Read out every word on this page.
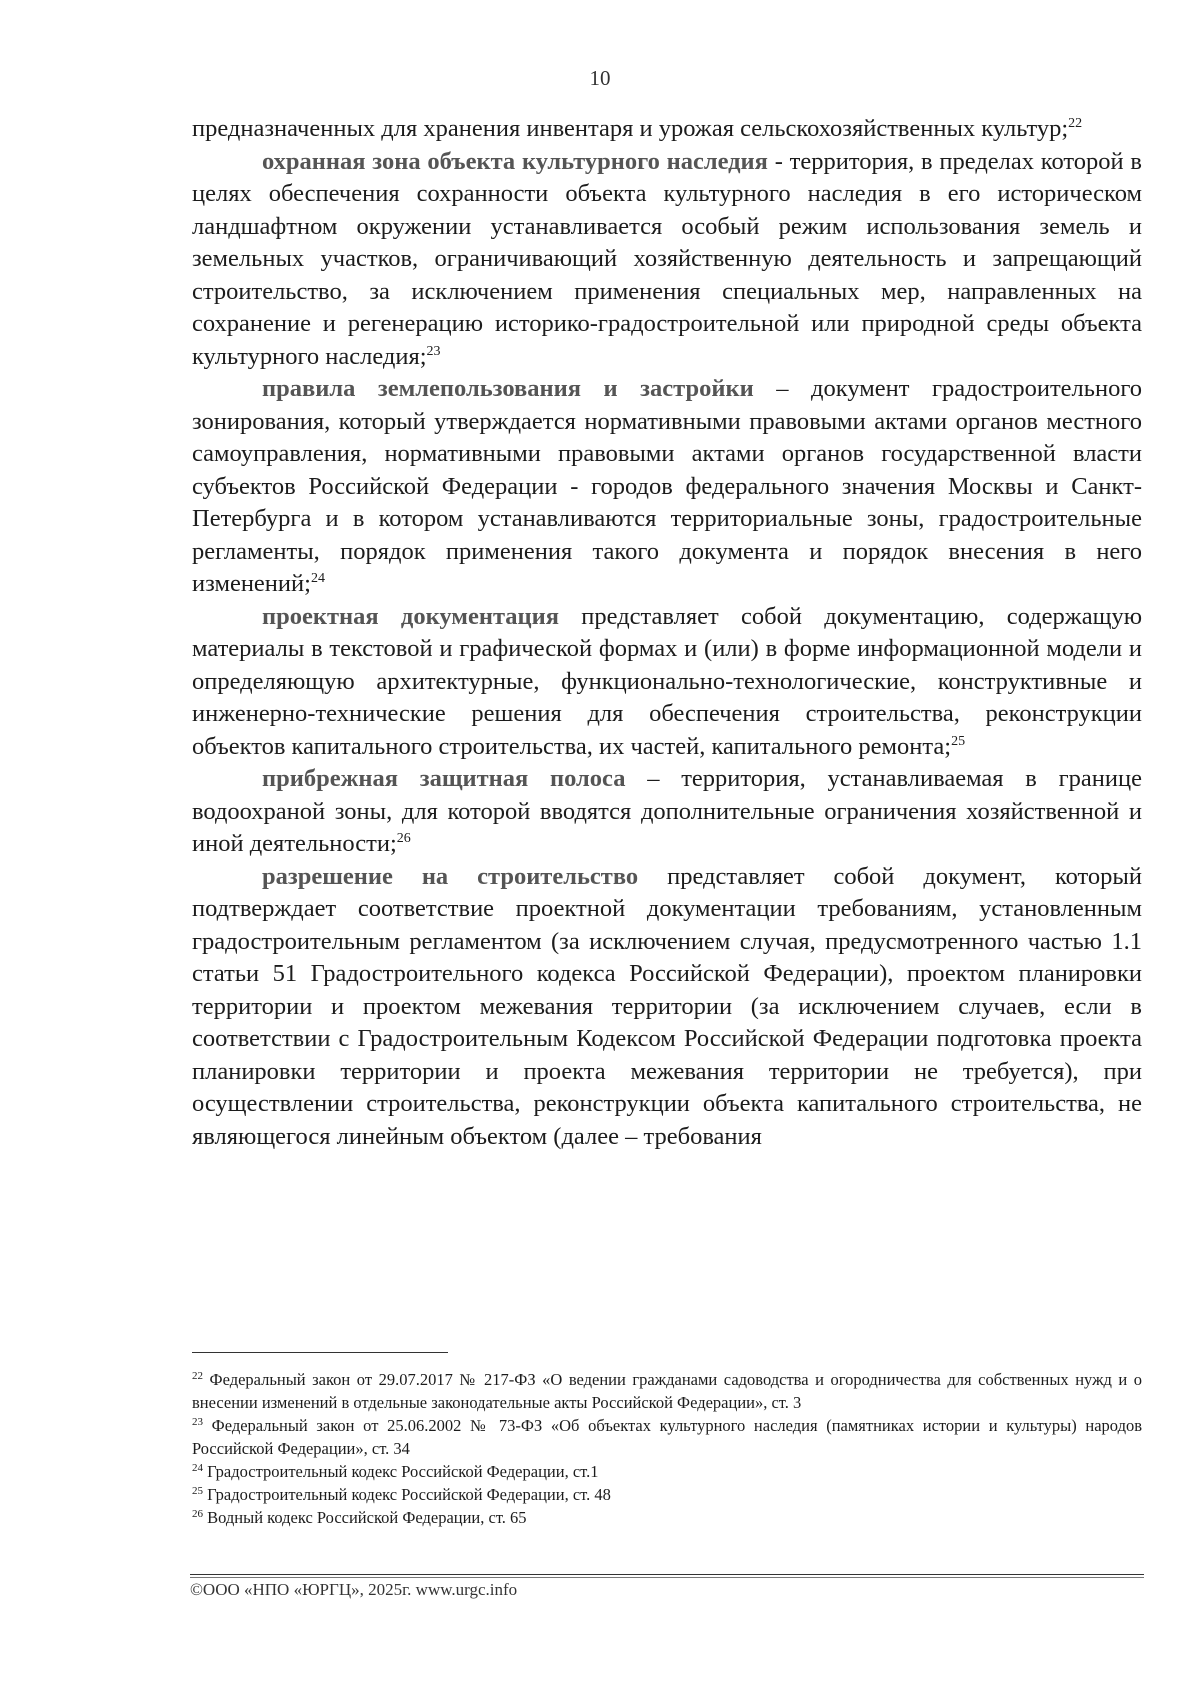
10

предназначенных для хранения инвентаря и урожая сельскохозяйственных культур;$^{22}$

охранная зона объекта культурного наследия - территория, в пределах которой в целях обеспечения сохранности объекта культурного наследия в его историческом ландшафтном окружении устанавливается особый режим использования земель и земельных участков, ограничивающий хозяйственную деятельность и запрещающий строительство, за исключением применения специальных мер, направленных на сохранение и регенерацию историко-градостроительной или природной среды объекта культурного наследия;$^{23}$

правила землепользования и застройки – документ градостроительного зонирования, который утверждается нормативными правовыми актами органов местного самоуправления, нормативными правовыми актами органов государственной власти субъектов Российской Федерации - городов федерального значения Москвы и Санкт-Петербурга и в котором устанавливаются территориальные зоны, градостроительные регламенты, порядок применения такого документа и порядок внесения в него изменений;$^{24}$

проектная документация представляет собой документацию, содержащую материалы в текстовой и графической формах и (или) в форме информационной модели и определяющую архитектурные, функционально-технологические, конструктивные и инженерно-технические решения для обеспечения строительства, реконструкции объектов капитального строительства, их частей, капитального ремонта;$^{25}$

прибрежная защитная полоса – территория, устанавливаемая в границе водоохраной зоны, для которой вводятся дополнительные ограничения хозяйственной и иной деятельности;$^{26}$

разрешение на строительство представляет собой документ, который подтверждает соответствие проектной документации требованиям, установленным градостроительным регламентом (за исключением случая, предусмотренного частью 1.1 статьи 51 Градостроительного кодекса Российской Федерации), проектом планировки территории и проектом межевания территории (за исключением случаев, если в соответствии с Градостроительным Кодексом Российской Федерации подготовка проекта планировки территории и проекта межевания территории не требуется), при осуществлении строительства, реконструкции объекта капитального строительства, не являющегося линейным объектом (далее – требования

$^{22}$ Федеральный закон от 29.07.2017 № 217-ФЗ «О ведении гражданами садоводства и огородничества для собственных нужд и о внесении изменений в отдельные законодательные акты Российской Федерации», ст. 3

$^{23}$ Федеральный закон от 25.06.2002 № 73-ФЗ «Об объектах культурного наследия (памятниках истории и культуры) народов Российской Федерации», ст. 34

$^{24}$ Градостроительный кодекс Российской Федерации, ст.1

$^{25}$ Градостроительный кодекс Российской Федерации, ст. 48

$^{26}$ Водный кодекс Российской Федерации, ст. 65

©ООО «НПО «ЮРГЦ», 2025г. www.urgc.info
